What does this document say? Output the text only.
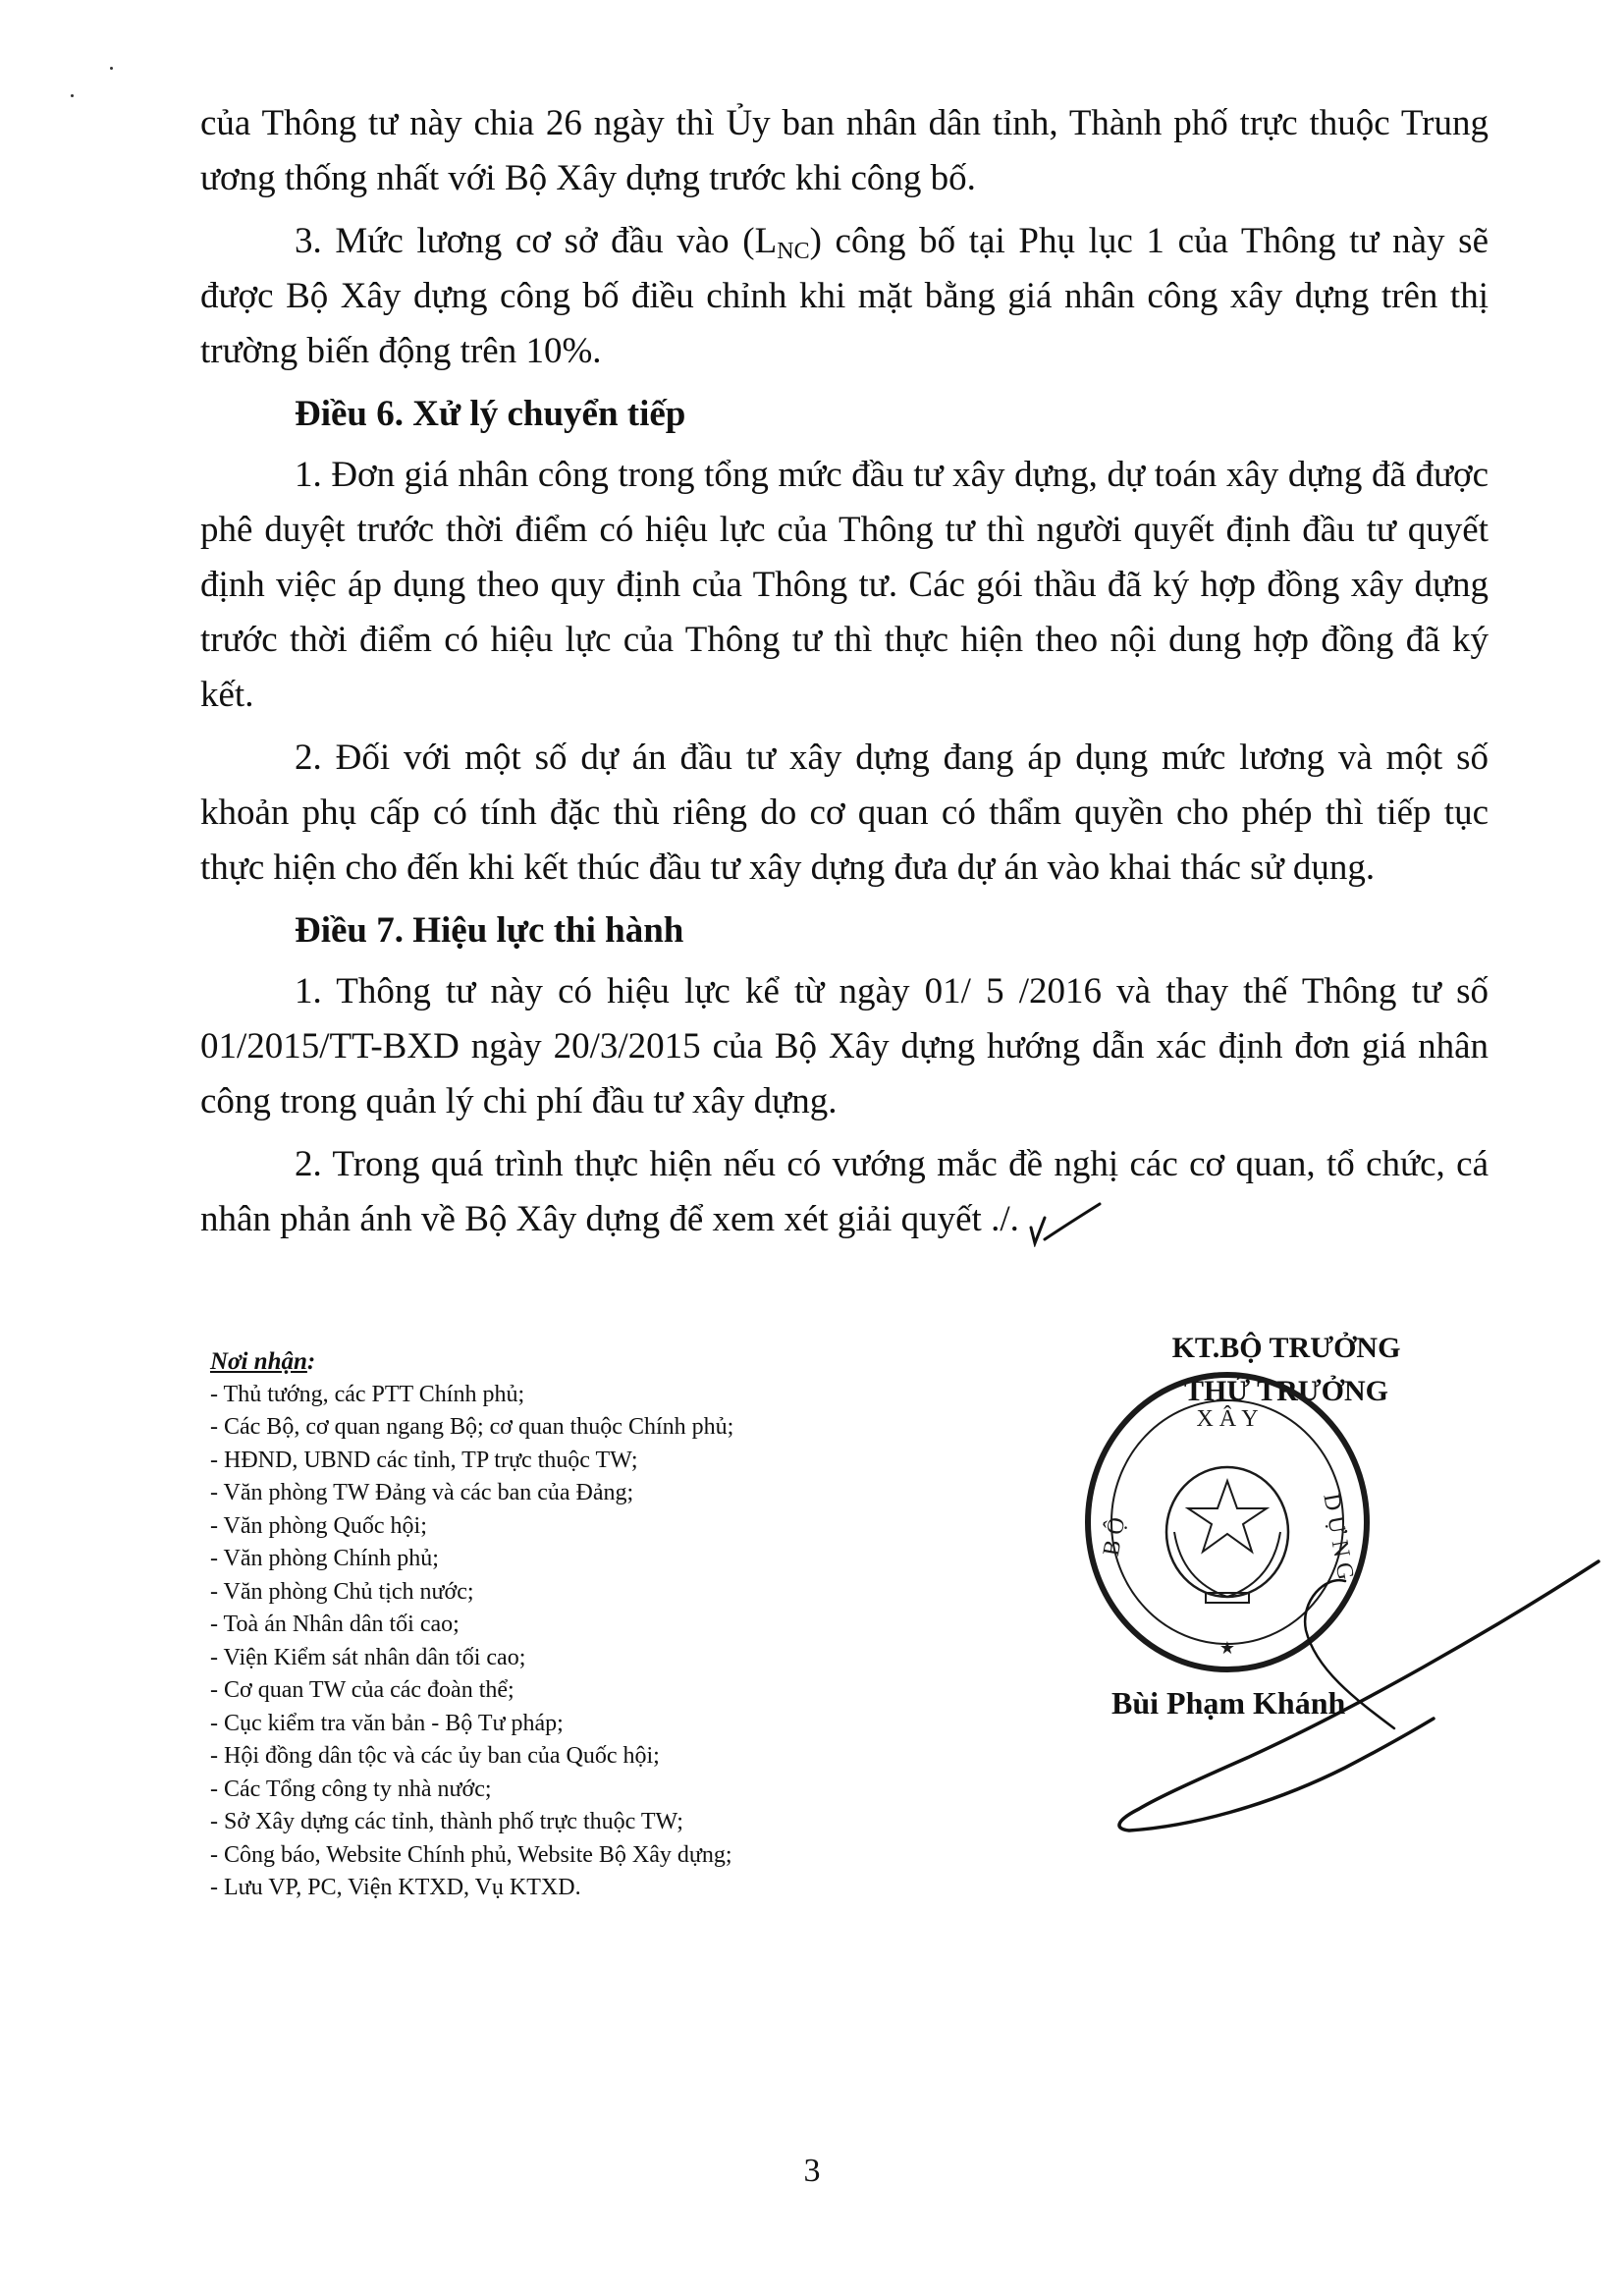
của Thông tư này chia 26 ngày thì Ủy ban nhân dân tỉnh, Thành phố trực thuộc Trung ương thống nhất với Bộ Xây dựng trước khi công bố.

3. Mức lương cơ sở đầu vào $(L_{NC})$ công bố tại Phụ lục 1 của Thông tư này sẽ được Bộ Xây dựng công bố điều chỉnh khi mặt bằng giá nhân công xây dựng trên thị trường biến động trên 10%.

Điều 6. Xử lý chuyển tiếp

1. Đơn giá nhân công trong tổng mức đầu tư xây dựng, dự toán xây dựng đã được phê duyệt trước thời điểm có hiệu lực của Thông tư thì người quyết định đầu tư quyết định việc áp dụng theo quy định của Thông tư. Các gói thầu đã ký hợp đồng xây dựng trước thời điểm có hiệu lực của Thông tư thì thực hiện theo nội dung hợp đồng đã ký kết.

2. Đối với một số dự án đầu tư xây dựng đang áp dụng mức lương và một số khoản phụ cấp có tính đặc thù riêng do cơ quan có thẩm quyền cho phép thì tiếp tục thực hiện cho đến khi kết thúc đầu tư xây dựng đưa dự án vào khai thác sử dụng.

Điều 7. Hiệu lực thi hành

1. Thông tư này có hiệu lực kể từ ngày 01/ 5 /2016 và thay thế Thông tư số 01/2015/TT-BXD ngày 20/3/2015 của Bộ Xây dựng hướng dẫn xác định đơn giá nhân công trong quản lý chi phí đầu tư xây dựng.

2. Trong quá trình thực hiện nếu có vướng mắc đề nghị các cơ quan, tổ chức, cá nhân phản ánh về Bộ Xây dựng để xem xét giải quyết ./.

Nơi nhận:
- Thủ tướng, các PTT Chính phủ;
- Các Bộ, cơ quan ngang Bộ; cơ quan thuộc Chính phủ;
- HĐND, UBND các tỉnh, TP trực thuộc TW;
- Văn phòng TW Đảng và các ban của Đảng;
- Văn phòng Quốc hội;
- Văn phòng Chính phủ;
- Văn phòng Chủ tịch nước;
- Toà án Nhân dân tối cao;
- Viện Kiểm sát nhân dân tối cao;
- Cơ quan TW của các đoàn thể;
- Cục kiểm tra văn bản - Bộ Tư pháp;
- Hội đồng dân tộc và các ủy ban của Quốc hội;
- Các Tổng công ty nhà nước;
- Sở Xây dựng các tỉnh, thành phố trực thuộc TW;
- Công báo, Website Chính phủ, Website Bộ Xây dựng;
- Lưu VP, PC, Viện KTXD, Vụ KTXD.
KT.BỘ TRƯỞNG
THỨ TRƯỞNG
Bùi Phạm Khánh
X Â Y
B Ộ	D Ự N G
★
3
